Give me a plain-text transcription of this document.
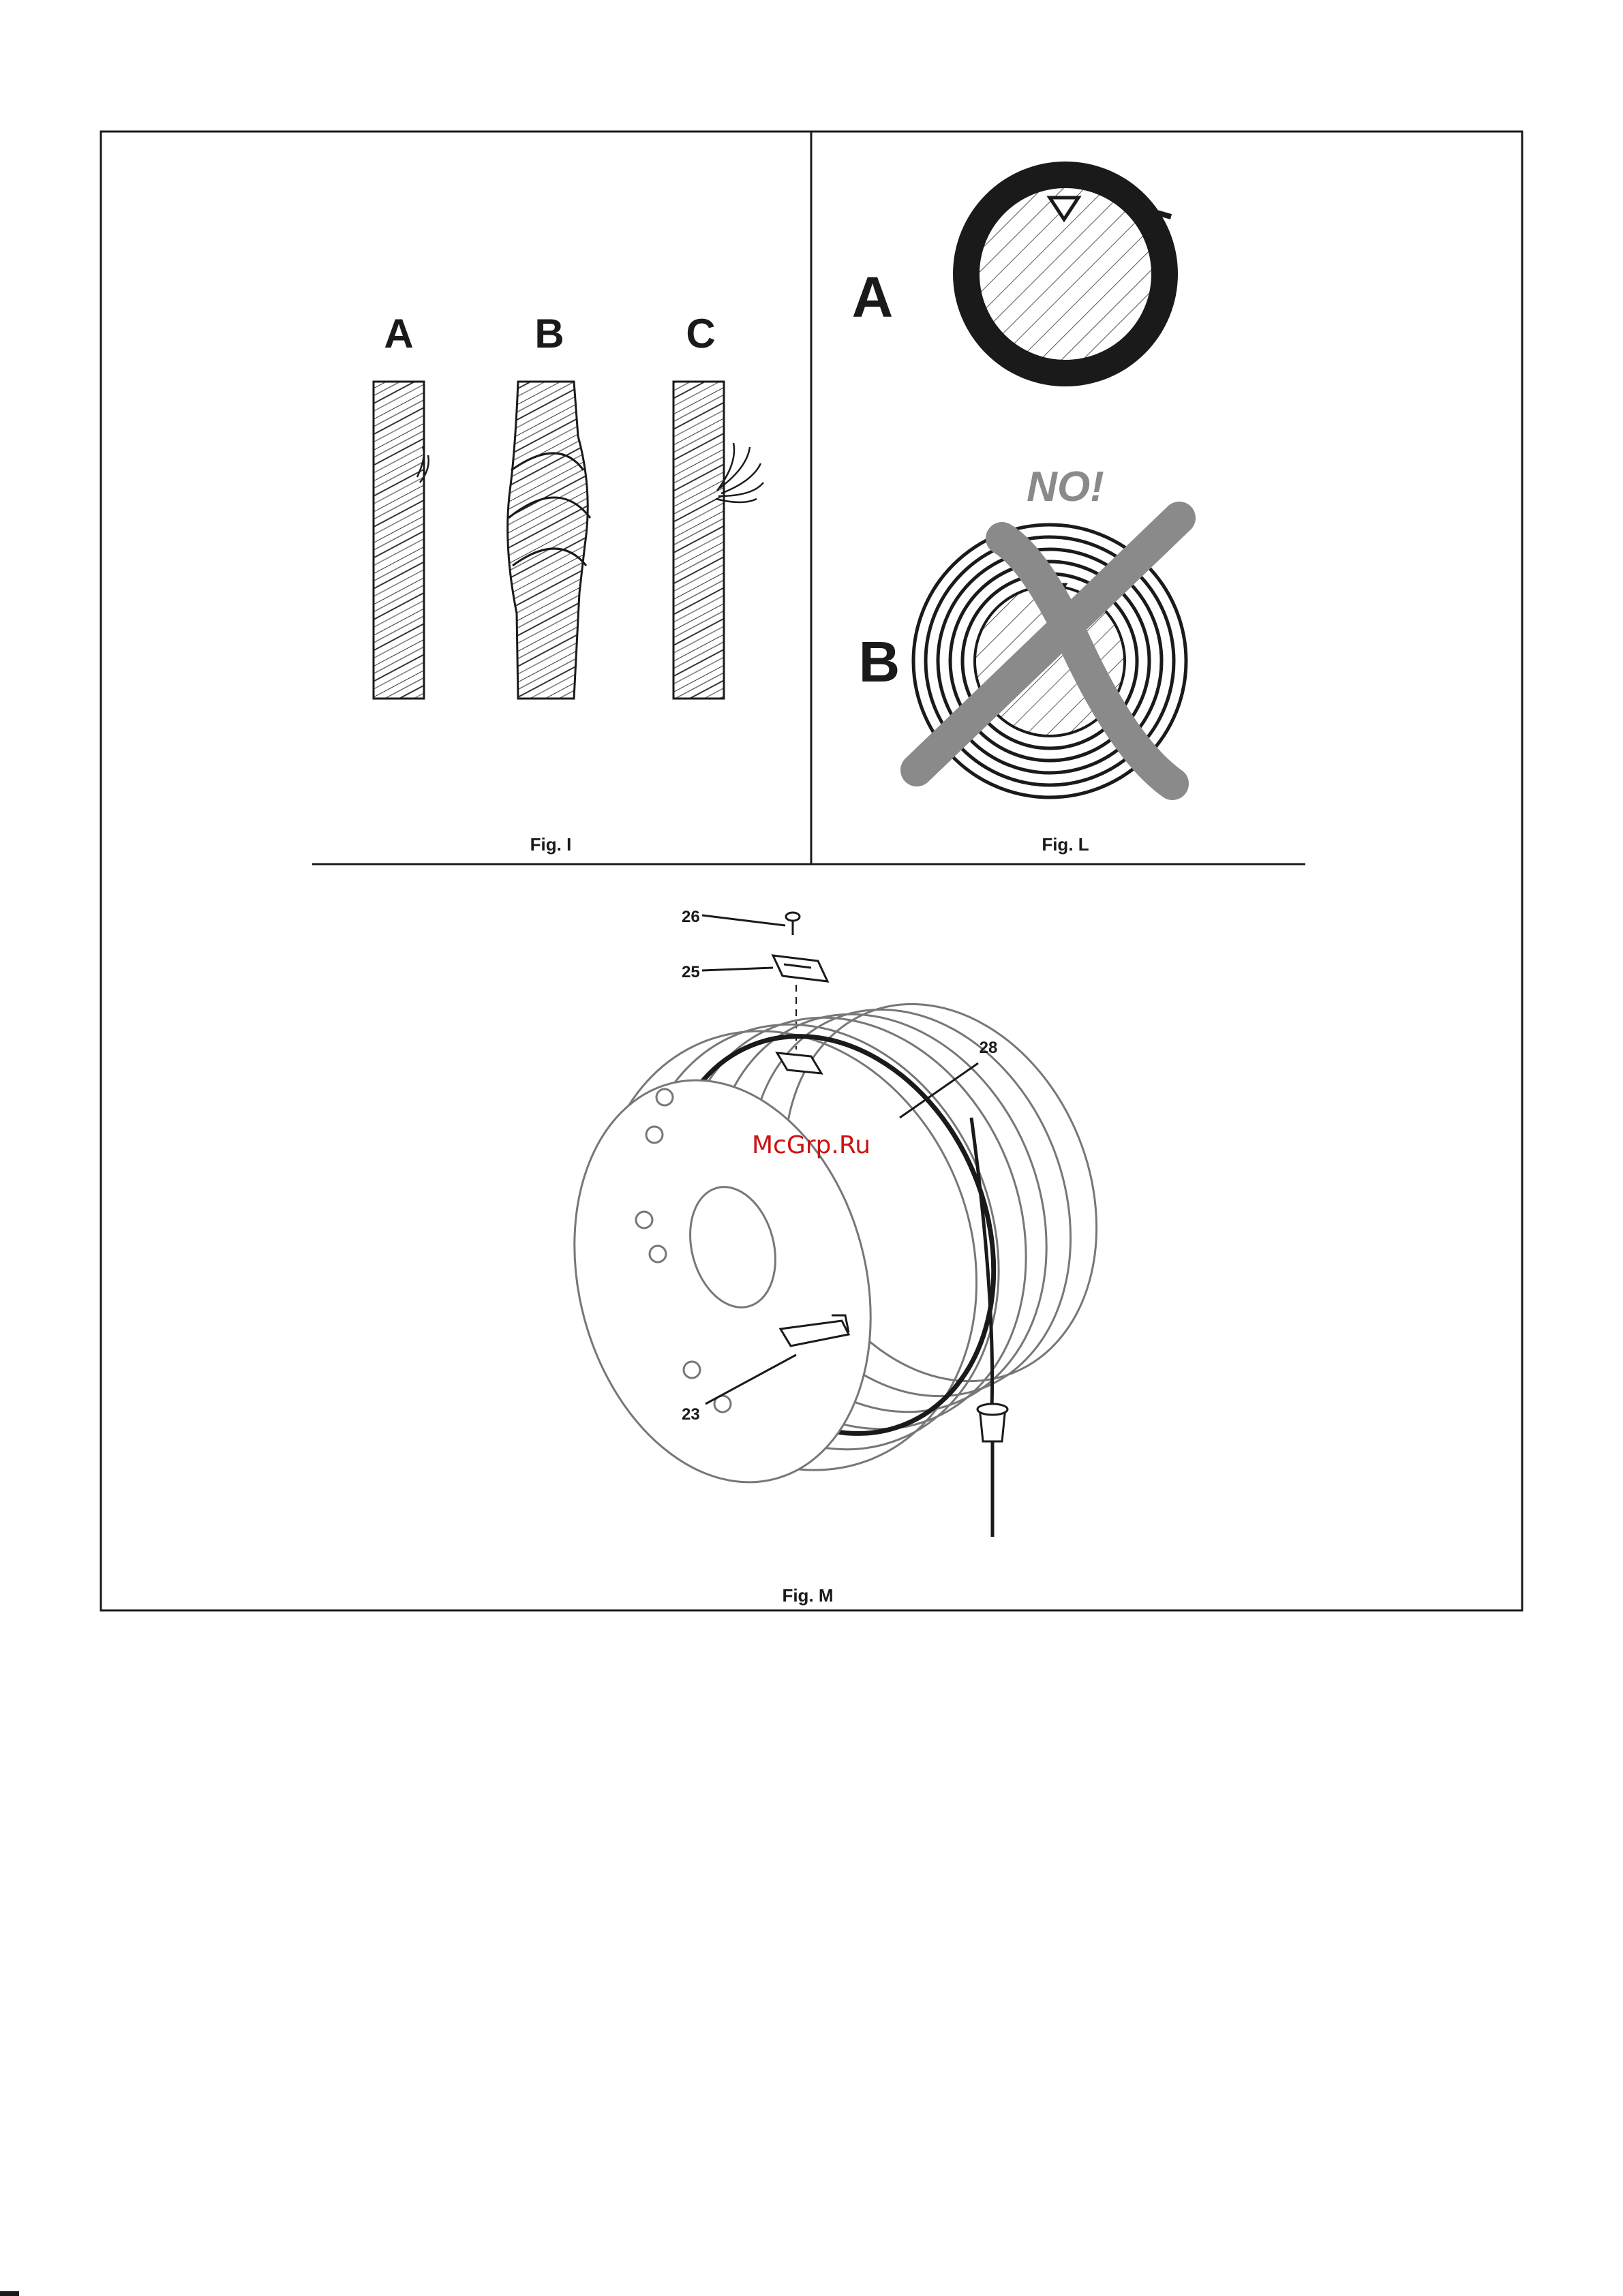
A	B	C
Fig. I
A
NO!
B
Fig. L
26
25
28
23
McGrp.Ru
Fig. M
